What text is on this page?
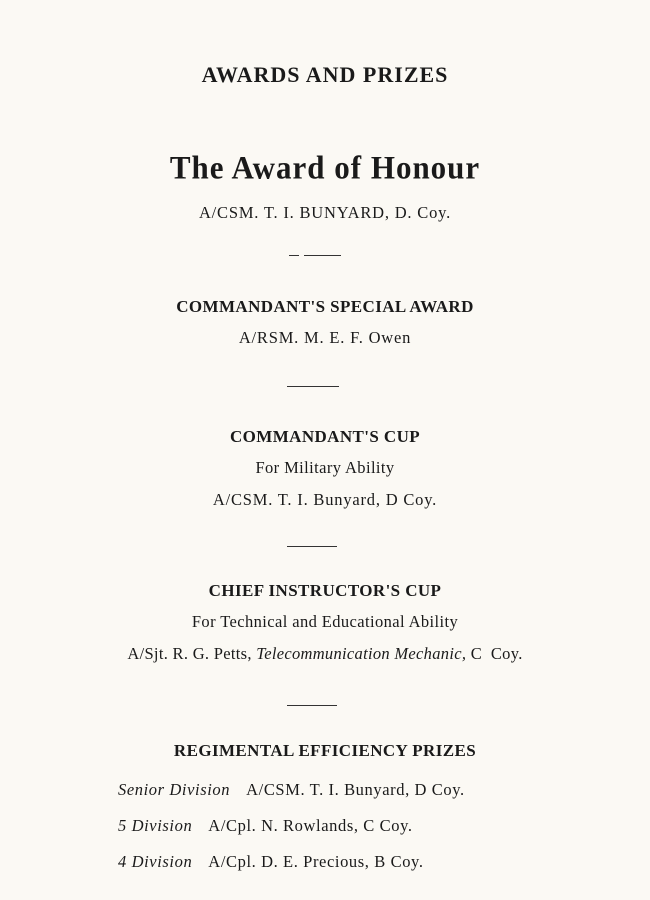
AWARDS AND PRIZES
The Award of Honour
A/CSM. T. I. BUNYARD, D. Coy.
COMMANDANT'S SPECIAL AWARD
A/RSM. M. E. F. Owen
COMMANDANT'S CUP
For Military Ability
A/CSM. T. I. Bunyard, D Coy.
CHIEF INSTRUCTOR'S CUP
For Technical and Educational Ability
A/Sjt. R. G. Petts, Telecommunication Mechanic, C  Coy.
REGIMENTAL EFFICIENCY PRIZES
Senior Division A/CSM. T. I. Bunyard, D Coy.
5 Division A/Cpl. N. Rowlands, C Coy.
4 Division A/Cpl. D. E. Precious, B Coy.
